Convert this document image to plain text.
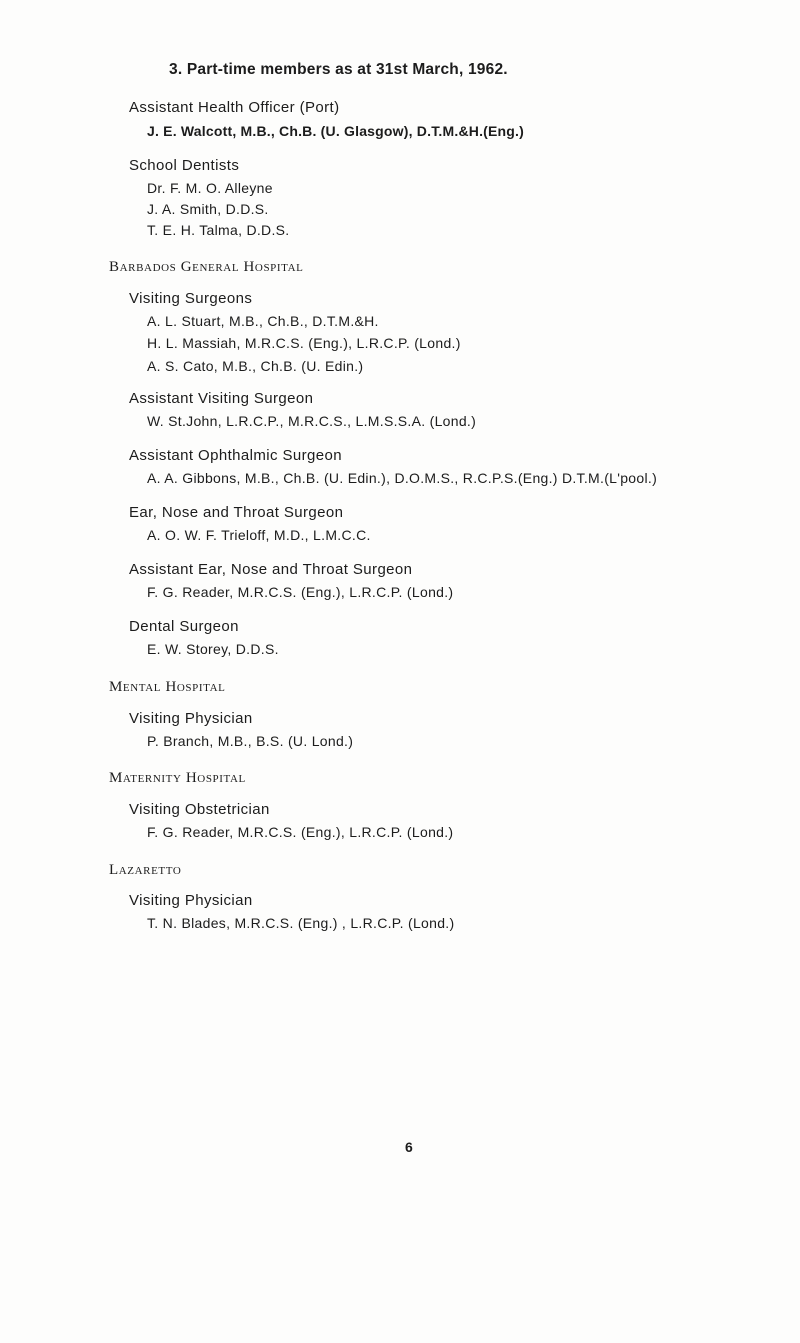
3. Part-time members as at 31st March, 1962.
Assistant Health Officer (Port)
J. E. Walcott, M.B., Ch.B. (U. Glasgow), D.T.M.&H.(Eng.)
School Dentists
Dr. F. M. O. Alleyne
J. A. Smith, D.D.S.
T. E. H. Talma, D.D.S.
Barbados General Hospital
Visiting Surgeons
A. L. Stuart, M.B., Ch.B., D.T.M.&H.
H. L. Massiah, M.R.C.S. (Eng.), L.R.C.P. (Lond.)
A. S. Cato, M.B., Ch.B. (U. Edin.)
Assistant Visiting Surgeon
W. St.John, L.R.C.P., M.R.C.S., L.M.S.S.A. (Lond.)
Assistant Ophthalmic Surgeon
A. A. Gibbons, M.B., Ch.B. (U. Edin.), D.O.M.S., R.C.P.S.(Eng.) D.T.M.(L'pool.)
Ear, Nose and Throat Surgeon
A. O. W. F. Trieloff, M.D., L.M.C.C.
Assistant Ear, Nose and Throat Surgeon
F. G. Reader, M.R.C.S. (Eng.), L.R.C.P. (Lond.)
Dental Surgeon
E. W. Storey, D.D.S.
Mental Hospital
Visiting Physician
P. Branch, M.B., B.S. (U. Lond.)
Maternity Hospital
Visiting Obstetrician
F. G. Reader, M.R.C.S. (Eng.), L.R.C.P. (Lond.)
Lazaretto
Visiting Physician
T. N. Blades, M.R.C.S. (Eng.) , L.R.C.P. (Lond.)
6
